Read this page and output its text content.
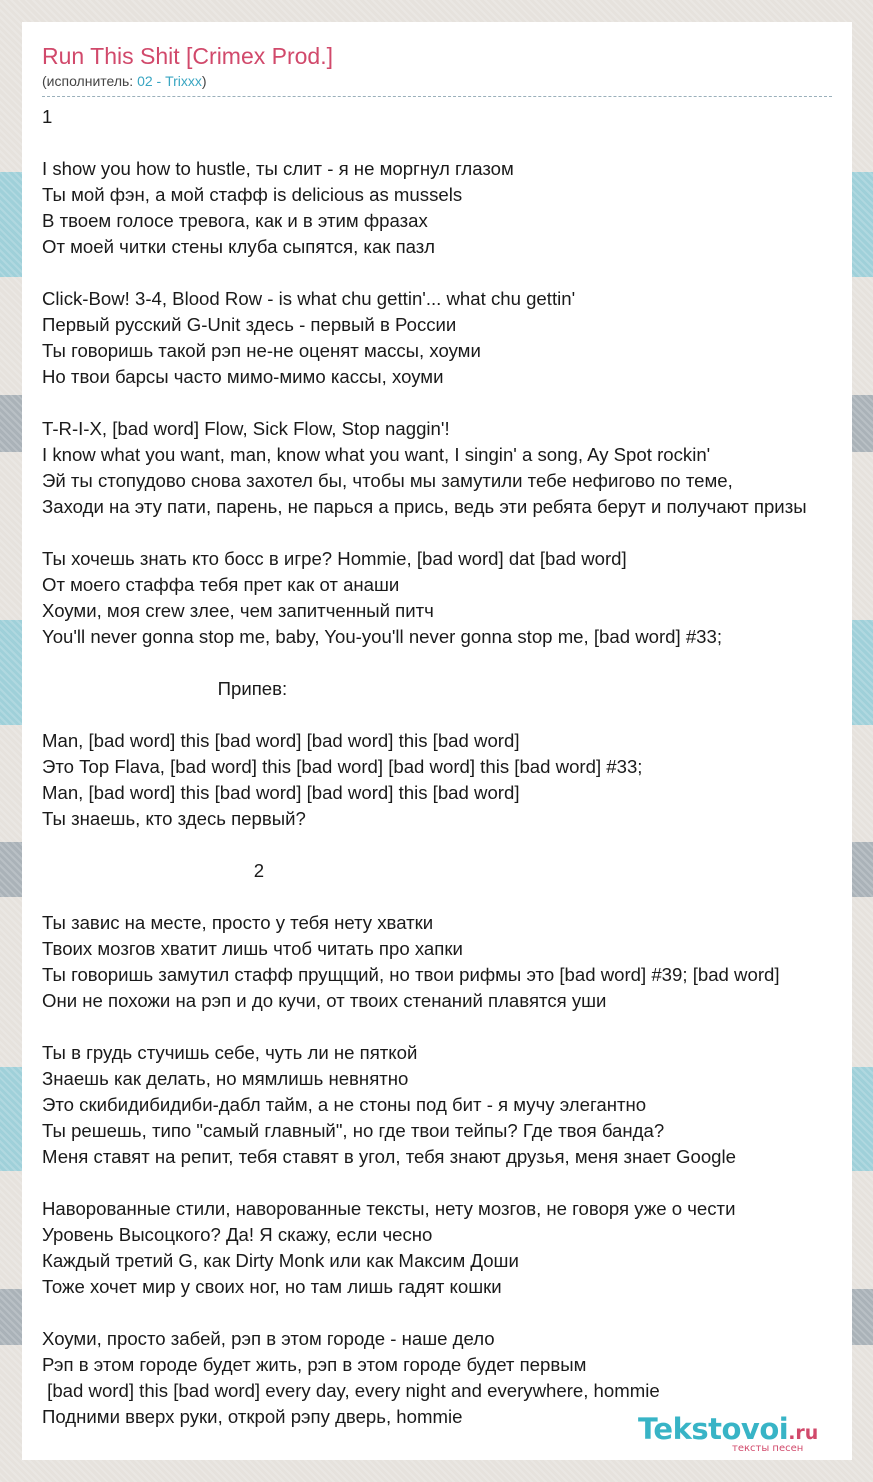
Run This Shit [Crimex Prod.]
(исполнитель: 02 - Trixxx)
1
I show you how to hustle, ты слит - я не моргнул глазом
Ты мой фэн, а мой стафф is delicious as mussels
В твоем голосе тревога, как и в этим фразах
От моей читки стены клуба сыпятся, как пазл
Click-Bow! 3-4, Blood Row - is what chu gettin'... what chu gettin'
Первый русский G-Unit здесь - первый в России
Ты говоришь такой рэп не-не оценят массы, хоуми
Но твои барсы часто мимо-мимо кассы, хоуми
T-R-I-X, [bad word] Flow, Sick Flow, Stop naggin'!
I know what you want, man, know what you want, I singin' a song, Ay Spot rockin'
Эй ты стопудово снова захотел бы, чтобы мы замутили тебе нефигово по теме,
Заходи на эту пати, парень, не парься а прись, ведь эти ребята берут и получают призы
Ты хочешь знать кто босс в игре? Hommie, [bad word] dat [bad word]
От моего стаффа тебя прет как от анаши
Хоуми, моя crew злее, чем запитченный питч
You'll never gonna stop me, baby, You-you'll never gonna stop me, [bad word] #33;
Припев:
Man, [bad word] this [bad word] [bad word] this [bad word]
Это Top Flava, [bad word] this [bad word] [bad word] this [bad word] #33;
Man, [bad word] this [bad word] [bad word] this [bad word]
Ты знаешь, кто здесь первый?
2
Ты завис на месте, просто у тебя нету хватки
Твоих мозгов хватит лишь чтоб читать про хапки
Ты говоришь замутил стафф прущщий, но твои рифмы это [bad word] #39; [bad word]
Они не похожи на рэп и до кучи, от твоих стенаний плавятся уши
Ты в грудь стучишь себе, чуть ли не пяткой
Знаешь как делать, но мямлишь невнятно
Это скибидибидиби-дабл тайм, а не стоны под бит - я мучу элегантно
Ты решешь, типо "самый главный", но где твои тейпы? Где твоя банда?
Меня ставят на репит, тебя ставят в угол, тебя знают друзья, меня знает Google
Наворованные стили, наворованные тексты, нету мозгов, не говоря уже о чести
Уровень Высоцкого? Да! Я скажу, если чесно
Каждый третий G, как Dirty Monk или как Максим Доши
Тоже хочет мир у своих ног, но там лишь гадят кошки
Хоуми, просто забей, рэп в этом городе - наше дело
Рэп в этом городе будет жить, рэп в этом городе будет первым
[bad word] this [bad word] every day, every night and everywhere, hommie
Подними вверх руки, открой рэпу дверь, hommie	Tekstovoi.ru
тексты песен
